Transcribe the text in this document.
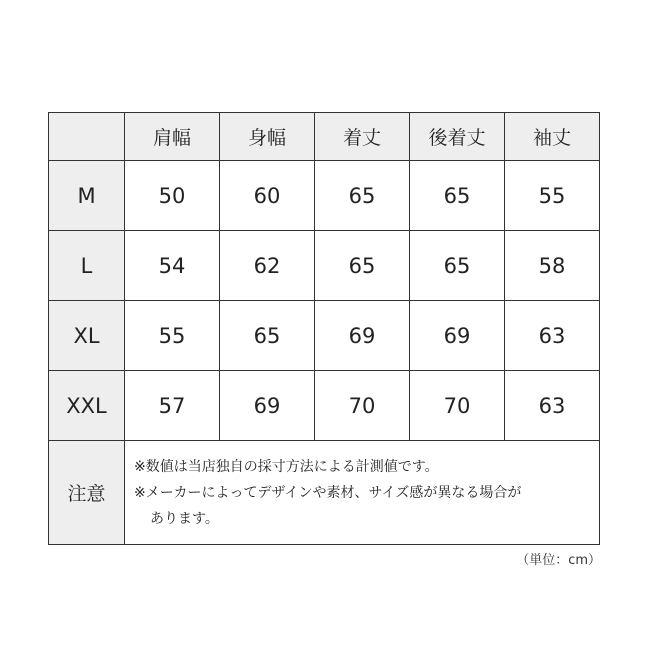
	肩幅	身幅	着丈	後着丈	袖丈
M	50	60	65	65	55
L	54	62	65	65	58
XL	55	65	69	69	63
XXL	57	69	70	70	63
注意	※数値は当店独自の採寸方法による計測値です。
※メーカーによってデザインや素材、サイズ感が異なる場合が
あります。				
（単位：cm）
